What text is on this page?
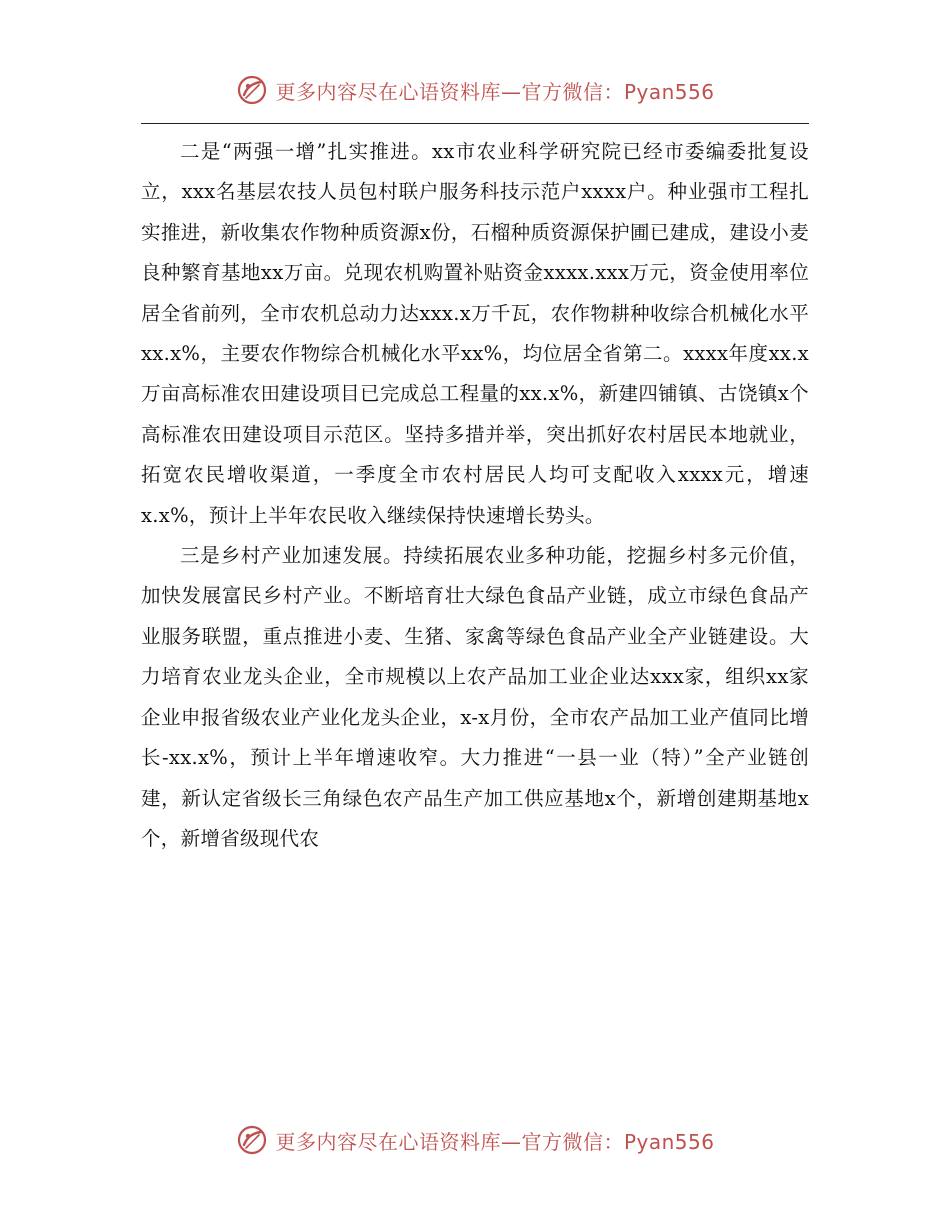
更多内容尽在心语资料库—官方微信：Pyan556

二是“两强一增”扎实推进。xx市农业科学研究院已经市委编委批复设立，xxx名基层农技人员包村联户服务科技示范户xxxx户。种业强市工程扎实推进，新收集农作物种质资源x份，石榴种质资源保护圃已建成，建设小麦良种繁育基地xx万亩。兑现农机购置补贴资金xxxx.xxx万元，资金使用率位居全省前列，全市农机总动力达xxx.x万千瓦，农作物耕种收综合机械化水平xx.x%，主要农作物综合机械化水平xx%，均位居全省第二。xxxx年度xx.x万亩高标准农田建设项目已完成总工程量的xx.x%，新建四铺镇、古饶镇x个高标准农田建设项目示范区。坚持多措并举，突出抓好农村居民本地就业，拓宽农民增收渠道，一季度全市农村居民人均可支配收入xxxx元，增速x.x%，预计上半年农民收入继续保持快速增长势头。

三是乡村产业加速发展。持续拓展农业多种功能，挖掘乡村多元价值，加快发展富民乡村产业。不断培育壮大绿色食品产业链，成立市绿色食品产业服务联盟，重点推进小麦、生猪、家禽等绿色食品产业全产业链建设。大力培育农业龙头企业，全市规模以上农产品加工业企业达xxx家，组织xx家企业申报省级农业产业化龙头企业，x-x月份，全市农产品加工业产值同比增长-xx.x%，预计上半年增速收窄。大力推进“一县一业（特）”全产业链创建，新认定省级长三角绿色农产品生产加工供应基地x个，新增创建期基地x个，新增省级现代农

更多内容尽在心语资料库—官方微信：Pyan556
